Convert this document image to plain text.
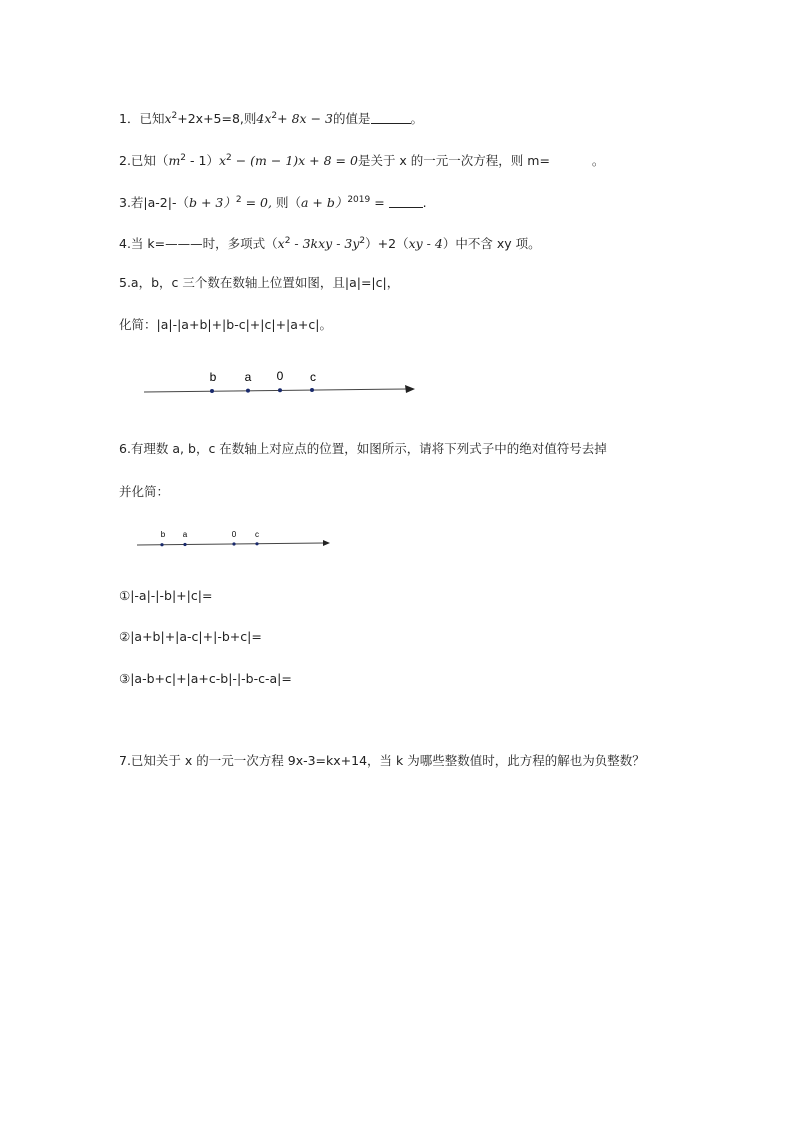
1．已知$x^2+2x+5=8$,则$4x^2+ 8x - 3$的值是	。
2.已知$(m^2 - 1)x^2 - (m - 1)x + 8 = 0$是关于 x 的一元一次方程，则 m=	。
3.若$|a-2|-(b + 3)^2 = 0$, 则$(a + b)^{2019}$ =	.
4.当 k=———时，多项式$(x^2 - 3kxy - 3y^2)+2(xy - 4)$中不含 xy 项。
5.a，b，c 三个数在数轴上位置如图，且|a|=|c|，
化简：|a|-|a+b|+|b-c|+|c|+|a+c|。
b a 0 c
6.有理数 a, b，c 在数轴上对应点的位置，如图所示，请将下列式子中的绝对值符号去掉
并化简：
b a	0 c
①|-a|-|-b|+|c|=
②|a+b|+|a-c|+|-b+c|=
③|a-b+c|+|a+c-b|-|-b-c-a|=
7.已知关于 x 的一元一次方程 9x-3=kx+14，当 k 为哪些整数值时，此方程的解也为负整数？
